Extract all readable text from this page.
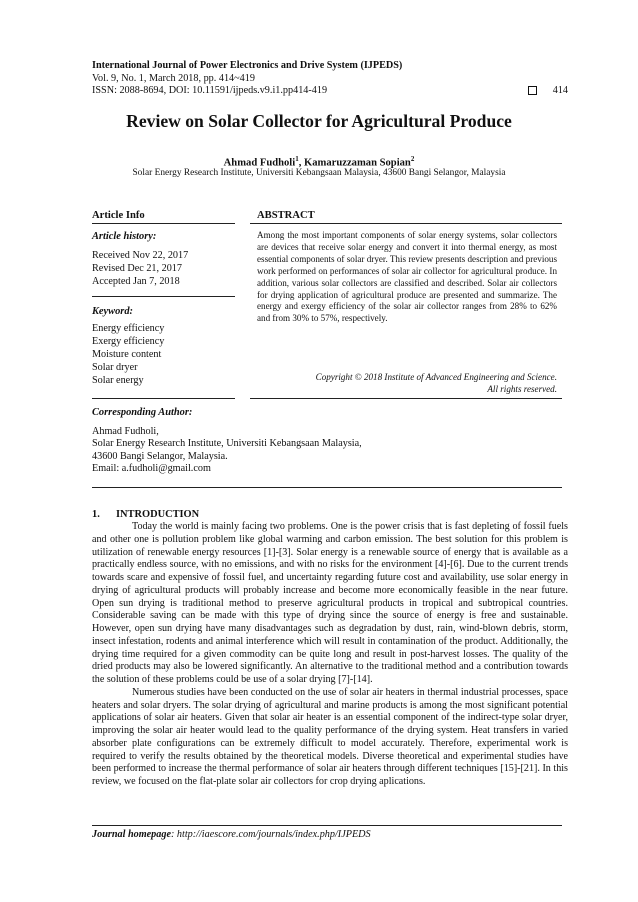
International Journal of Power Electronics and Drive System (IJPEDS)
Vol. 9, No. 1, March 2018, pp. 414~419
ISSN: 2088-8694, DOI: 10.11591/ijpeds.v9.i1.pp414-419	414
Review on Solar Collector for Agricultural Produce
Ahmad Fudholi$^1$, Kamaruzzaman Sopian$^2$
Solar Energy Research Institute, Universiti Kebangsaan Malaysia, 43600 Bangi Selangor, Malaysia
Article Info	ABSTRACT
Article history:
Received Nov 22, 2017
Revised Dec 21, 2017
Accepted Jan 7, 2018
Keyword:
Energy efficiency
Exergy efficiency
Moisture content
Solar dryer
Solar energy
Among the most important components of solar energy systems, solar collectors are devices that receive solar energy and convert it into thermal energy, as most essential components of solar dryer. This review presents description and previous work performed on performances of solar air collector for agricultural produce. In addition, various solar collectors are classified and described. Solar air collectors for drying application of agricultural produce are presented and summarize. The energy and exergy efficiency of the solar air collector ranges from 28% to 62% and from 30% to 57%, respectively.
Copyright © 2018 Institute of Advanced Engineering and Science.
All rights reserved.
Corresponding Author:
Ahmad Fudholi,
Solar Energy Research Institute, Universiti Kebangsaan Malaysia,
43600 Bangi Selangor, Malaysia.
Email: a.fudholi@gmail.com
1. INTRODUCTION

Today the world is mainly facing two problems. One is the power crisis that is fast depleting of fossil fuels and other one is pollution problem like global warming and carbon emission. The best solution for this problem is utilization of renewable energy resources [1]-[3]. Solar energy is a renewable source of energy that is available as a practically endless source, with no emissions, and with no risks for the environment [4]-[6]. Due to the current trends towards scare and expensive of fossil fuel, and uncertainty regarding future cost and availability, use solar energy in drying of agricultural products will probably increase and become more economically feasible in the near future. Open sun drying is traditional method to preserve agricultural products in tropical and subtropical countries. Considerable saving can be made with this type of drying since the source of energy is free and sustainable. However, open sun drying have many disadvantages such as degradation by dust, rain, wind-blown debris, storm, insect infestation, rodents and animal interference which will result in contamination of the product. Additionally, the drying time required for a given commodity can be quite long and result in post-harvest losses. The quality of the dried products may also be lowered significantly. An alternative to the traditional method and a contribution towards the solution of these problems could be use of a solar drying [7]-[14].

Numerous studies have been conducted on the use of solar air heaters in thermal industrial processes, space heaters and solar dryers. The solar drying of agricultural and marine products is among the most significant potential applications of solar air heaters. Given that solar air heater is an essential component of the indirect-type solar dryer, improving the solar air heater would lead to the quality performance of the drying system. Heat transfers in varied absorber plate configurations can be extremely difficult to model accurately. Therefore, experimental work is required to verify the results obtained by the theoretical models. Diverse theoretical and experimental studies have been performed to increase the thermal performance of solar air heaters through different techniques [15]-[21]. In this review, we focused on the flat-plate solar air collectors for crop drying aplications.

Journal homepage: http://iaescore.com/journals/index.php/IJPEDS
